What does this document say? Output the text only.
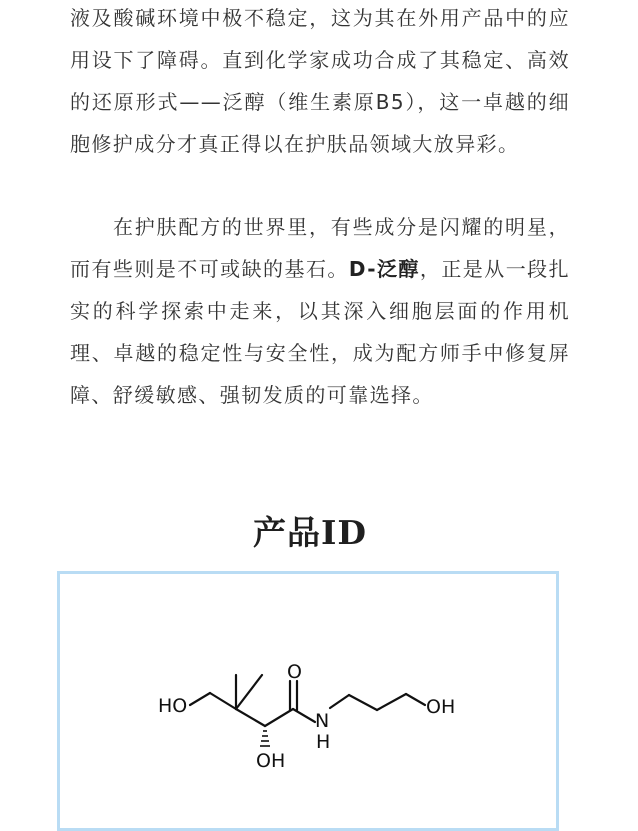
液及酸碱环境中极不稳定，这为其在外用产品中的应用设下了障碍。直到化学家成功合成了其稳定、高效的还原形式——泛醇（维生素原B5），这一卓越的细胞修护成分才真正得以在护肤品领域大放异彩。

在护肤配方的世界里，有些成分是闪耀的明星，而有些则是不可或缺的基石。D-泛醇，正是从一段扎实的科学探索中走来，以其深入细胞层面的作用机理、卓越的稳定性与安全性，成为配方师手中修复屏障、舒缓敏感、强韧发质的可靠选择。

产品ID
HO
O
N
H
OH
OH
